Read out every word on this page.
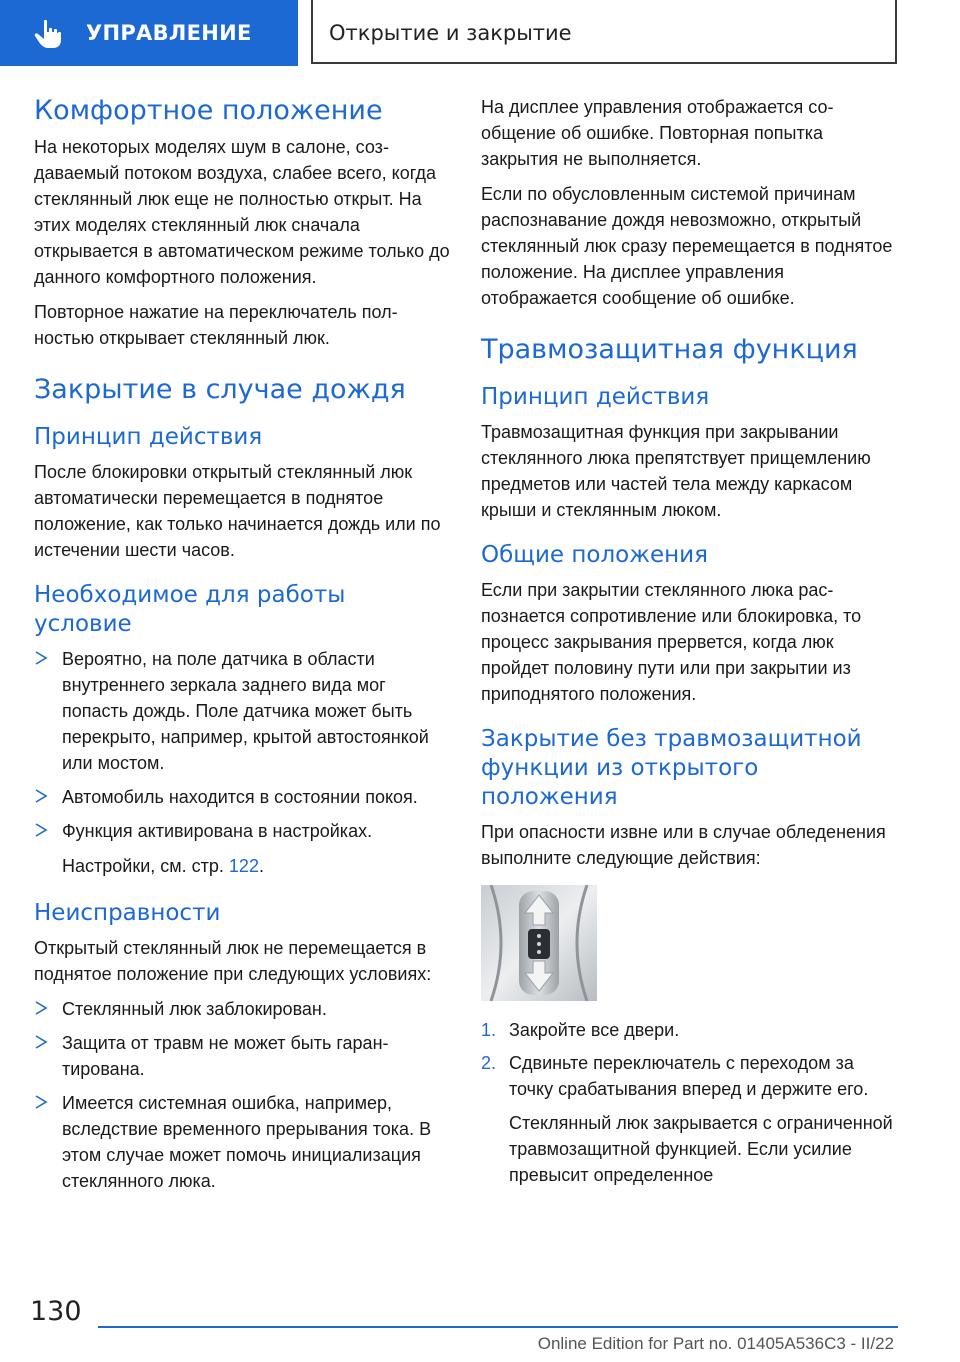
УПРАВЛЕНИЕ	Открытие и закрытие
Комфортное положение

На некоторых моделях шум в салоне, создаваемый потоком воздуха, слабее всего, когда стеклянный люк еще не полностью открыт. На этих моделях стеклянный люк сначала открывается в автоматическом режиме только до данного комфортного положения.

Повторное нажатие на переключатель полностью открывает стеклянный люк.

Закрытие в случае дождя
Принцип действия

После блокировки открытый стеклянный люк автоматически перемещается в поднятое положение, как только начинается дождь или по истечении шести часов.

Необходимое для работы условие
Вероятно, на поле датчика в области внутреннего зеркала заднего вида мог попасть дождь. Поле датчика может быть перекрыто, например, крытой автостоянкой или мостом.
Автомобиль находится в состоянии покоя.
Функция активирована в настройках.

Настройки, см. стр. 122.

Неисправности

Открытый стеклянный люк не перемещается в поднятое положение при следующих условиях:

Стеклянный люк заблокирован.
Защита от травм не может быть гарантирована.
Имеется системная ошибка, например, вследствие временного прерывания тока. В этом случае может помочь инициализация стеклянного люка.

На дисплее управления отображается сообщение об ошибке. Повторная попытка закрытия не выполняется.

Если по обусловленным системой причинам распознавание дождя невозможно, открытый стеклянный люк сразу перемещается в поднятое положение. На дисплее управления отображается сообщение об ошибке.

Травмозащитная функция
Принцип действия

Травмозащитная функция при закрывании стеклянного люка препятствует прищемлению предметов или частей тела между каркасом крыши и стеклянным люком.

Общие положения

Если при закрытии стеклянного люка распознается сопротивление или блокировка, то процесс закрывания прервется, когда люк пройдет половину пути или при закрытии из приподнятого положения.

Закрытие без травмозащитной функции из открытого положения

При опасности извне или в случае обледенения выполните следующие действия:

1. Закройте все двери.
2. Сдвиньте переключатель с переходом за точку срабатывания вперед и держите его.
Стеклянный люк закрывается с ограниченной травмозащитной функцией. Если усилие превысит определенное
130
Online Edition for Part no. 01405A536C3 - II/22
